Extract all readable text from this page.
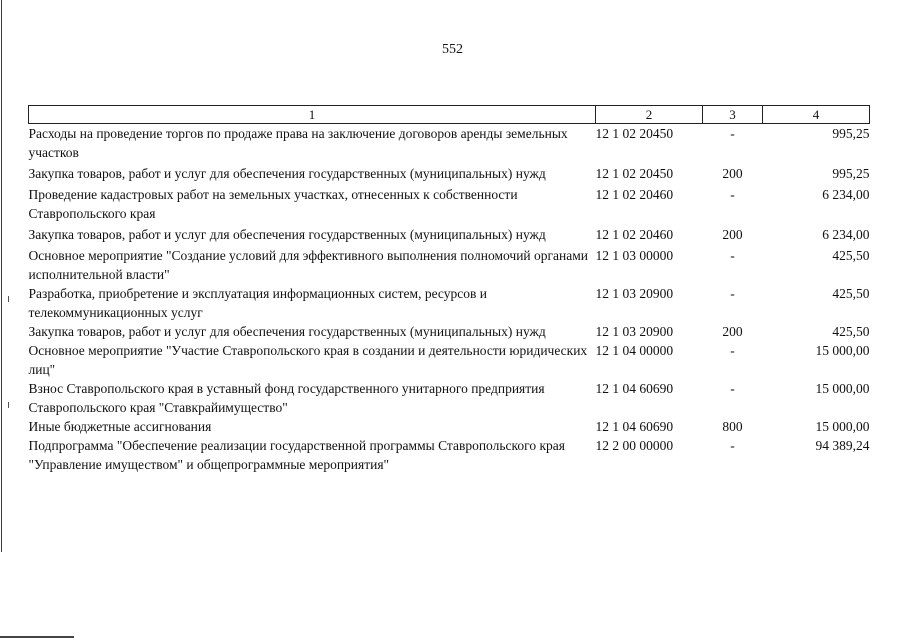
552
1	2	3	4
Расходы на проведение торгов по продаже права на заключение договоров аренды земельных участков	12 1 02 20450	-	995,25
Закупка товаров, работ и услуг для обеспечения государственных (муниципальных) нужд	12 1 02 20450	200	995,25
Проведение кадастровых работ на земельных участках, отнесенных к собственности Ставропольского края	12 1 02 20460	-	6 234,00
Закупка товаров, работ и услуг для обеспечения государственных (муниципальных) нужд	12 1 02 20460	200	6 234,00
Основное мероприятие "Создание условий для эффективного выполнения полномочий органами исполнительной власти"	12 1 03 00000	-	425,50
Разработка, приобретение и эксплуатация информационных систем, ресурсов и телекоммуникационных услуг	12 1 03 20900	-	425,50
Закупка товаров, работ и услуг для обеспечения государственных (муниципальных) нужд	12 1 03 20900	200	425,50
Основное мероприятие "Участие Ставропольского края в создании и деятельности юридических лиц"	12 1 04 00000	-	15 000,00
Взнос Ставропольского края в уставный фонд государственного унитарного предприятия Ставропольского края "Ставкрайимущество"	12 1 04 60690	-	15 000,00
Иные бюджетные ассигнования	12 1 04 60690	800	15 000,00
Подпрограмма "Обеспечение реализации государственной программы Ставропольского края "Управление имуществом" и общепрограммные мероприятия"	12 2 00 00000	-	94 389,24
